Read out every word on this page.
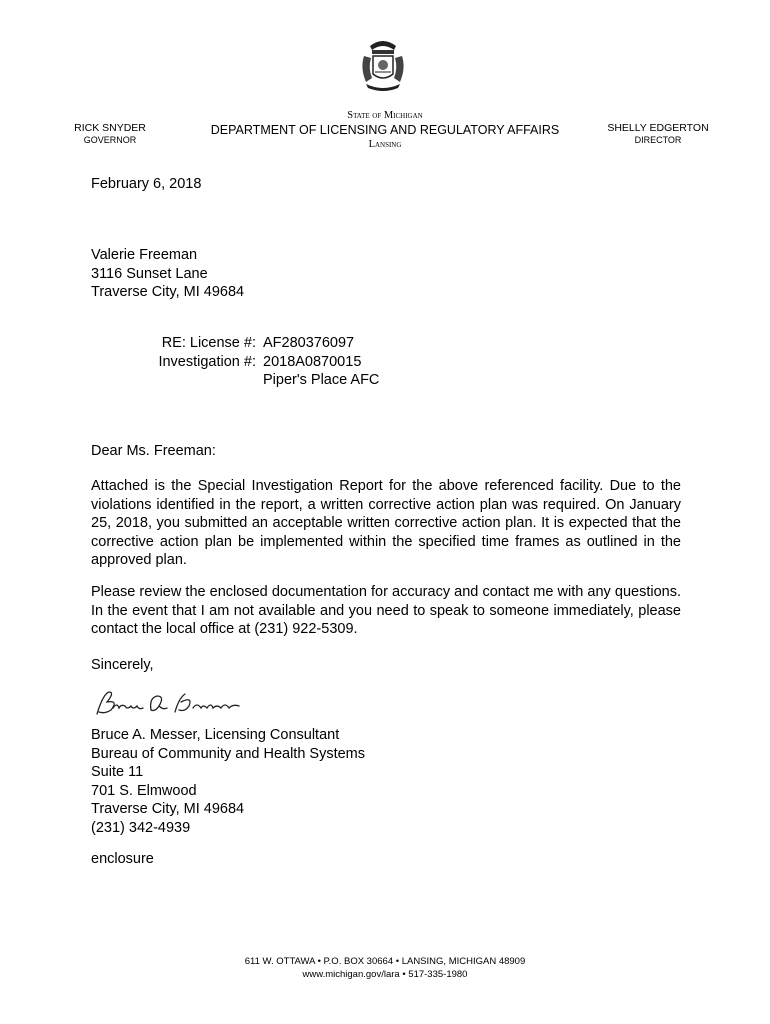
RICK SNYDER
GOVERNOR
State of Michigan
DEPARTMENT OF LICENSING AND REGULATORY AFFAIRS
Lansing
SHELLY EDGERTON
DIRECTOR
February 6, 2018
Valerie Freeman
3116 Sunset Lane
Traverse City, MI 49684
RE: License #:
Investigation #:
AF280376097
2018A0870015
Piper's Place AFC
Dear Ms. Freeman:
Attached is the Special Investigation Report for the above referenced facility. Due to the violations identified in the report, a written corrective action plan was required. On January 25, 2018, you submitted an acceptable written corrective action plan. It is expected that the corrective action plan be implemented within the specified time frames as outlined in the approved plan.
Please review the enclosed documentation for accuracy and contact me with any questions. In the event that I am not available and you need to speak to someone immediately, please contact the local office at (231) 922-5309.
Sincerely,
Bruce A. Messer, Licensing Consultant
Bureau of Community and Health Systems
Suite 11
701 S. Elmwood
Traverse City, MI 49684
(231) 342-4939
enclosure
611 W. OTTAWA • P.O. BOX 30664 • LANSING, MICHIGAN 48909
www.michigan.gov/lara • 517-335-1980
